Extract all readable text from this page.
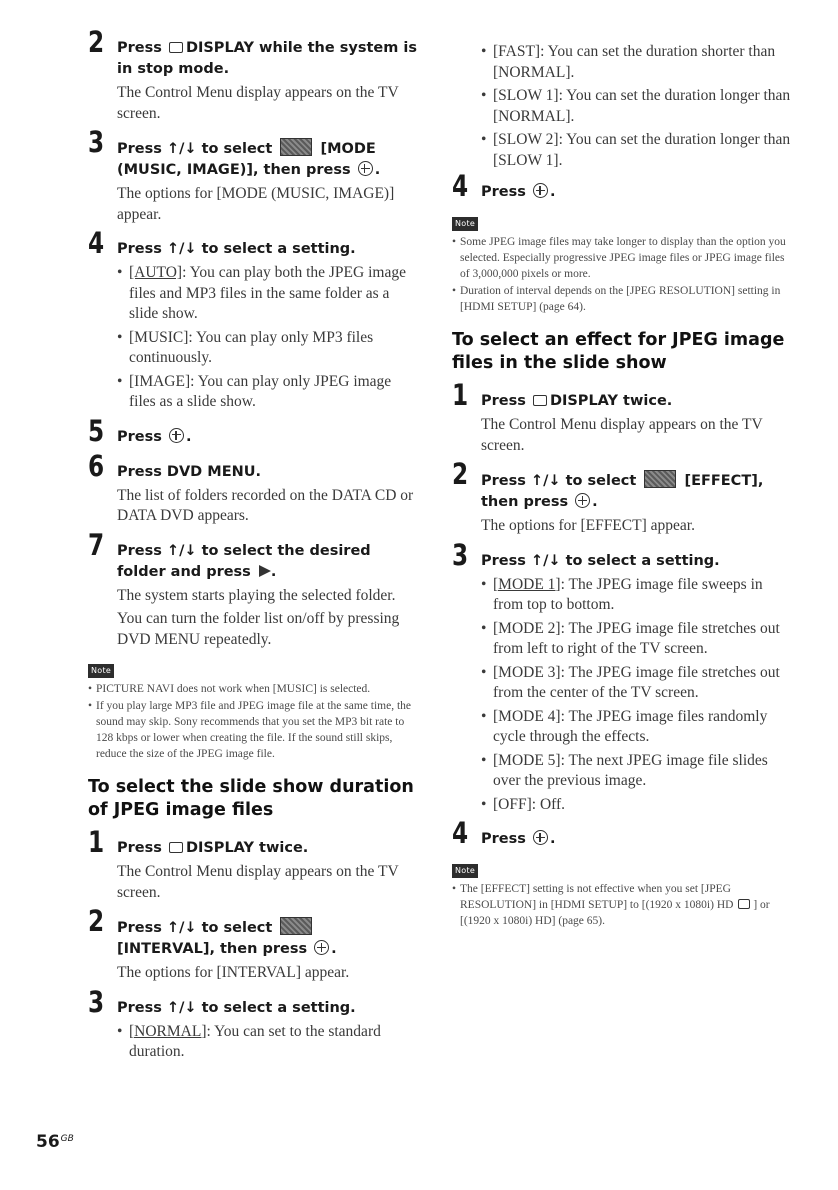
2 Press DISPLAY while the system is in stop mode.
The Control Menu display appears on the TV screen.
3 Press ↑/↓ to select	[MODE (MUSIC, IMAGE)], then press .
The options for [MODE (MUSIC, IMAGE)] appear.
4 Press ↑/↓ to select a setting.
• [AUTO]: You can play both the JPEG image files and MP3 files in the same folder as a slide show.
• [MUSIC]: You can play only MP3 files continuously.
• [IMAGE]: You can play only JPEG image files as a slide show.
5 Press .
6 Press DVD MENU.
The list of folders recorded on the DATA CD or DATA DVD appears.
7 Press ↑/↓ to select the desired folder and press .

The system starts playing the selected folder.

You can turn the folder list on/off by pressing DVD MENU repeatedly.

Note
• PICTURE NAVI does not work when [MUSIC] is selected.
• If you play large MP3 file and JPEG image file at the same time, the sound may skip. Sony recommends that you set the MP3 bit rate to 128 kbps or lower when creating the file. If the sound still skips, reduce the size of the JPEG image file.
To select the slide show duration of JPEG image files
1 Press DISPLAY twice.
The Control Menu display appears on the TV screen.
2 Press ↑/↓ to select  [INTERVAL], then press .
The options for [INTERVAL] appear.
3 Press ↑/↓ to select a setting.
• [NORMAL]: You can set to the standard duration.
• [FAST]: You can set the duration shorter than [NORMAL].
• [SLOW 1]: You can set the duration longer than [NORMAL].
• [SLOW 2]: You can set the duration longer than [SLOW 1].
4 Press .
Note
• Some JPEG image files may take longer to display than the option you selected. Especially progressive JPEG image files or JPEG image files of 3,000,000 pixels or more.
• Duration of interval depends on the [JPEG RESOLUTION] setting in [HDMI SETUP] (page 64).
To select an effect for JPEG image files in the slide show
1 Press DISPLAY twice.
The Control Menu display appears on the TV screen.
2 Press ↑/↓ to select	[EFFECT], then press .
The options for [EFFECT] appear.
3 Press ↑/↓ to select a setting.
• [MODE 1]: The JPEG image file sweeps in from top to bottom.
• [MODE 2]: The JPEG image file stretches out from left to right of the TV screen.
• [MODE 3]: The JPEG image file stretches out from the center of the TV screen.
• [MODE 4]: The JPEG image files randomly cycle through the effects.
• [MODE 5]: The next JPEG image file slides over the previous image.
• [OFF]: Off.
4 Press .
Note
• The [EFFECT] setting is not effective when you set [JPEG RESOLUTION] in [HDMI SETUP] to [(1920 x 1080i) HD ] or [(1920 x 1080i) HD] (page 65).
$56^{GB}$
